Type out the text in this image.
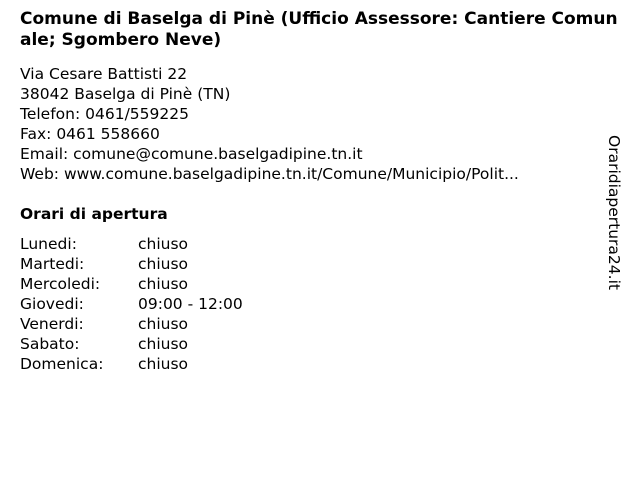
Comune di Baselga di Pinè (Ufficio Assessore: Cantiere Comunale; Sgombero Neve)
Via Cesare Battisti 22
38042 Baselga di Pinè (TN)
Telefon: 0461/559225
Fax: 0461 558660
Email: comune@comune.baselgadipine.tn.it
Web: www.comune.baselgadipine.tn.it/Comune/Municipio/Polit...
Orari di apertura
Lunedi:	chiuso
Martedi:	chiuso
Mercoledi:	chiuso
Giovedi:	09:00 - 12:00
Venerdi:	chiuso
Sabato:	chiuso
Domenica:	chiuso
Oraridiapertura24.it
